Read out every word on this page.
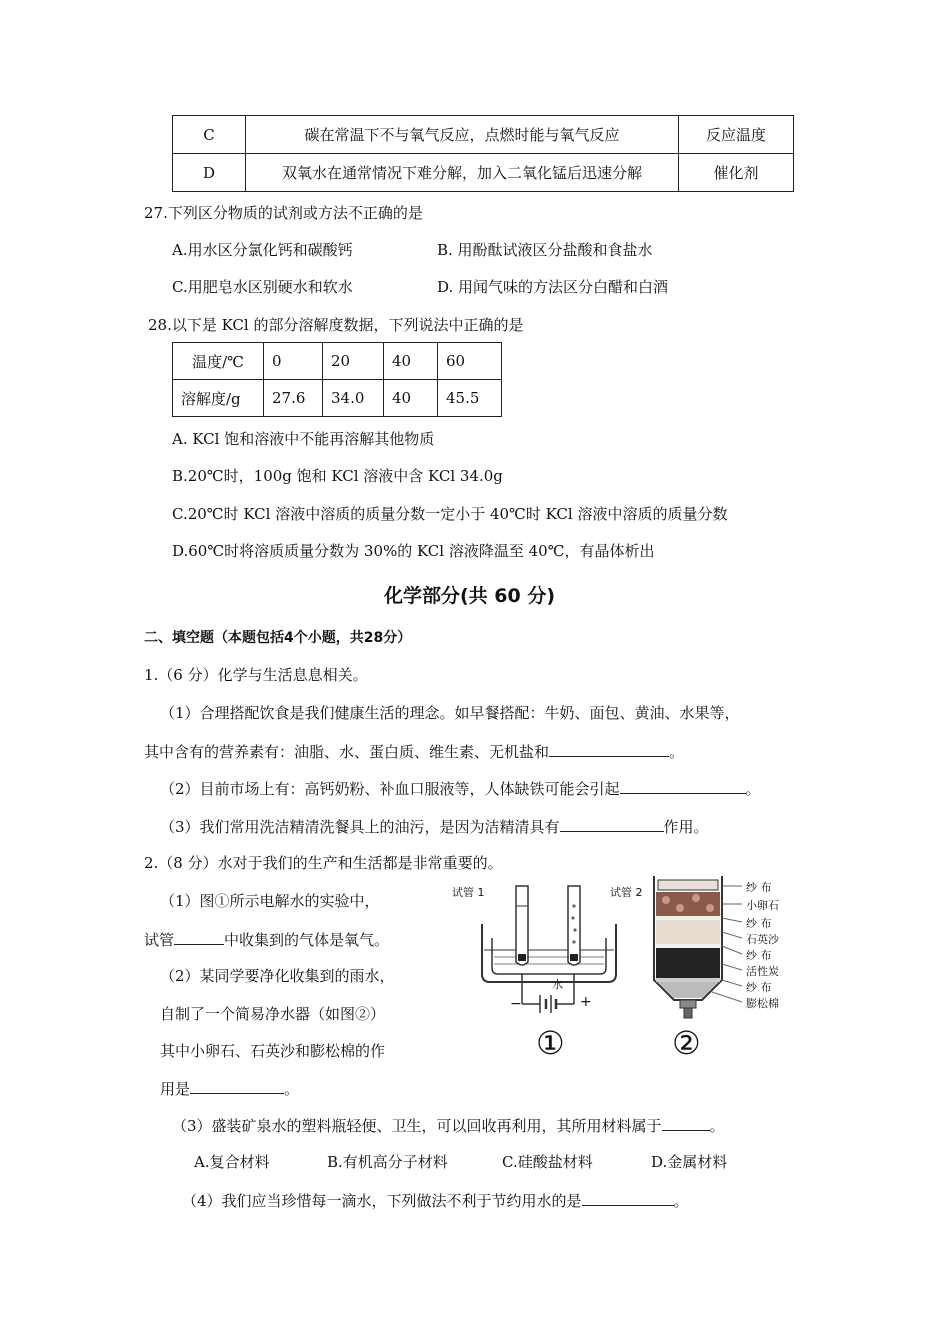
C	碳在常温下不与氧气反应，点燃时能与氧气反应	反应温度
D	双氧水在通常情况下难分解，加入二氧化锰后迅速分解	催化剂
27.下列区分物质的试剂或方法不正确的是
A.用水区分氯化钙和碳酸钙	B. 用酚酞试液区分盐酸和食盐水
C.用肥皂水区别硬水和软水	D. 用闻气味的方法区分白醋和白酒
28.以下是 KCl 的部分溶解度数据，下列说法中正确的是
温度/℃	0	20	40	60
溶解度/g	27.6	34.0	40	45.5
A. KCl 饱和溶液中不能再溶解其他物质
B.20℃时，100g 饱和 KCl 溶液中含 KCl 34.0g
C.20℃时 KCl 溶液中溶质的质量分数一定小于 40℃时 KCl 溶液中溶质的质量分数
D.60℃时将溶质质量分数为 30%的 KCl 溶液降温至 40℃，有晶体析出
化学部分(共 60 分)
二、填空题（本题包括4个小题，共28分）
1.（6 分）化学与生活息息相关。
（1）合理搭配饮食是我们健康生活的理念。如早餐搭配：牛奶、面包、黄油、水果等，
其中含有的营养素有：油脂、水、蛋白质、维生素、无机盐和	。
（2）目前市场上有：高钙奶粉、补血口服液等，人体缺铁可能会引起	。
（3）我们常用洗洁精清洗餐具上的油污，是因为洁精清具有	作用。
2.（8 分）水对于我们的生产和生活都是非常重要的。
（1）图①所示电解水的实验中，
试管	中收集到的气体是氧气。
（2）某同学要净化收集到的雨水，
自制了一个简易净水器（如图②）
其中小卵石、石英沙和膨松棉的作
用是	。
（3）盛装矿泉水的塑料瓶轻便、卫生，可以回收再利用，其所用材料属于	。
A.复合材料	B.有机高分子材料	C.硅酸盐材料	D.金属材料
（4）我们应当珍惜每一滴水，下列做法不利于节约用水的是	。
试管 1	试管 2
水
−	+
①	②
纱 布
小卵石
纱 布
石英沙
纱 布
活性炭
纱 布
膨松棉
